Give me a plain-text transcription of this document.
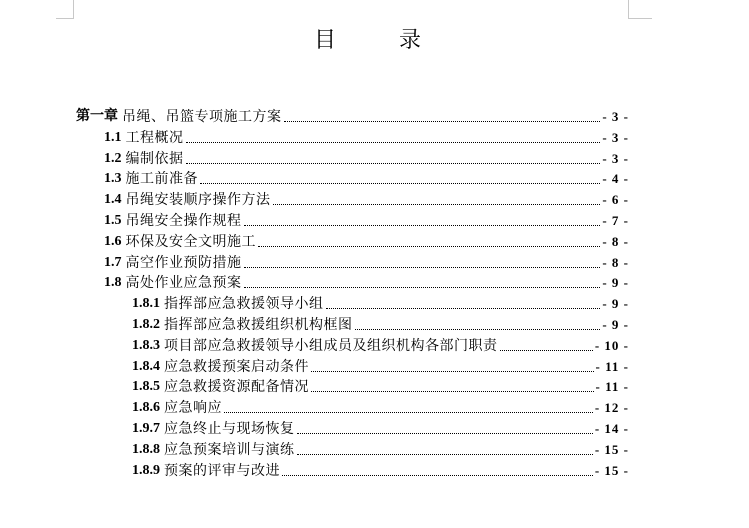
目 录
第一章 吊绳、吊篮专项施工方案	- 3 -
1.1 工程概况	- 3 -
1.2 编制依据	- 3 -
1.3 施工前准备	- 4 -
1.4 吊绳安装顺序操作方法	- 6 -
1.5 吊绳安全操作规程	- 7 -
1.6 环保及安全文明施工	- 8 -
1.7 高空作业预防措施	- 8 -
1.8 高处作业应急预案	- 9 -
1.8.1 指挥部应急救援领导小组	- 9 -
1.8.2 指挥部应急救援组织机构框图	- 9 -
1.8.3 项目部应急救援领导小组成员及组织机构各部门职责	- 10 -
1.8.4 应急救援预案启动条件	- 11 -
1.8.5 应急救援资源配备情况	- 11 -
1.8.6 应急响应	- 12 -
1.9.7 应急终止与现场恢复	- 14 -
1.8.8 应急预案培训与演练	- 15 -
1.8.9 预案的评审与改进	- 15 -
